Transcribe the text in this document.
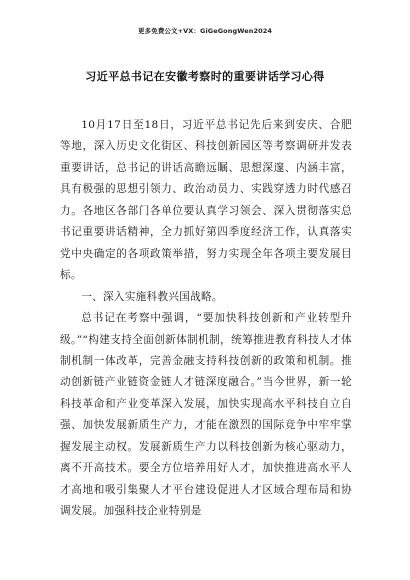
更多免费公文+VX：GiGeGongWen2024
习近平总书记在安徽考察时的重要讲话学习心得

10月17日至18日，习近平总书记先后来到安庆、合肥等地，深入历史文化街区、科技创新园区等考察调研并发表重要讲话，总书记的讲话高瞻远瞩、思想深邃、内涵丰富，具有极强的思想引领力、政治动员力、实践穿透力时代感召力。各地区各部门各单位要认真学习领会、深入贯彻落实总书记重要讲话精神，全力抓好第四季度经济工作，认真落实党中央确定的各项政策举措，努力实现全年各项主要发展目标。

一、深入实施科教兴国战略。

总书记在考察中强调，“要加快科技创新和产业转型升级。”“构建支持全面创新体制机制，统筹推进教育科技人才体制机制一体改革，完善金融支持科技创新的政策和机制。推动创新链产业链资金链人才链深度融合。”当今世界，新一轮科技革命和产业变革深入发展，加快实现高水平科技自立自强、加快发展新质生产力，才能在激烈的国际竞争中牢牢掌握发展主动权。发展新质生产力以科技创新为核心驱动力，离不开高技术。要全方位培养用好人才，加快推进高水平人才高地和吸引集聚人才平台建设促进人才区域合理布局和协调发展。加强科技企业特别是
